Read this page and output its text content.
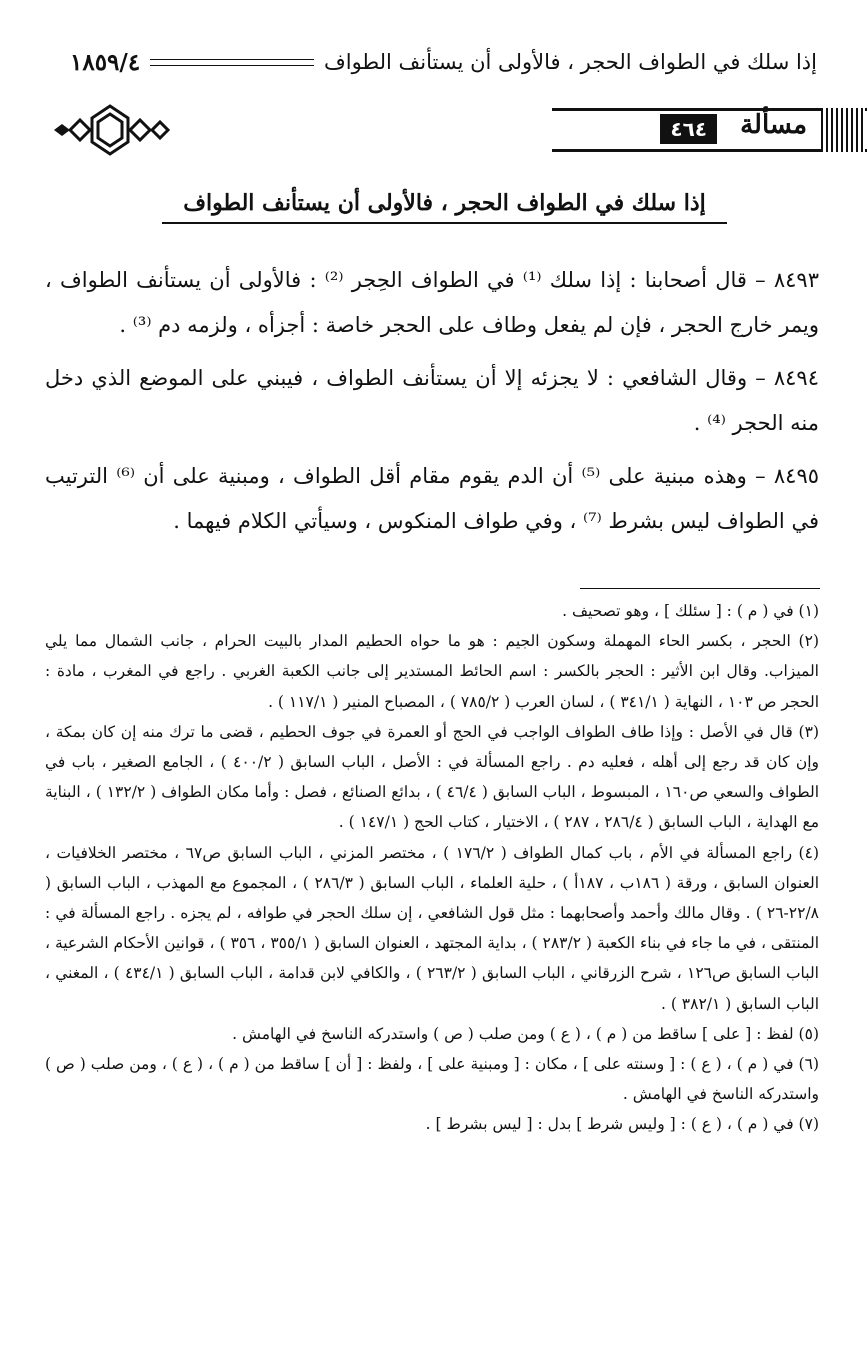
إذا سلك في الطواف الحجر ، فالأولى أن يستأنف الطواف
١٨٥٩/٤
مسألة
٤٦٤
إذا سلك في الطواف الحجر ، فالأولى أن يستأنف الطواف

٨٤٩٣ – قال أصحابنا : إذا سلك ⁽¹⁾ في الطواف الحِجر ⁽²⁾ : فالأولى أن يستأنف الطواف ، ويمر خارج الحجر ، فإن لم يفعل وطاف على الحجر خاصة : أجزأه ، ولزمه دم ⁽³⁾ .

٨٤٩٤ – وقال الشافعي : لا يجزئه إلا أن يستأنف الطواف ، فيبني على الموضع الذي دخل منه الحجر ⁽⁴⁾ .

٨٤٩٥ – وهذه مبنية على ⁽⁵⁾ أن الدم يقوم مقام أقل الطواف ، ومبنية على أن ⁽⁶⁾ الترتيب في الطواف ليس بشرط ⁽⁷⁾ ، وفي طواف المنكوس ، وسيأتي الكلام فيهما .

(١) في ( م ) : [ سئلك ] ، وهو تصحيف .

(٢) الحجر ، بكسر الحاء المهملة وسكون الجيم : هو ما حواه الحطيم المدار بالبيت الحرام ، جانب الشمال مما يلي الميزاب. وقال ابن الأثير : الحجر بالكسر : اسم الحائط المستدير إلى جانب الكعبة الغربي . راجع في المغرب ، مادة : الحجر ص ١٠٣ ، النهاية ( ٣٤١/١ ) ، لسان العرب ( ٧٨٥/٢ ) ، المصباح المنير ( ١١٧/١ ) .

(٣) قال في الأصل : وإذا طاف الطواف الواجب في الحج أو العمرة في جوف الحطيم ، قضى ما ترك منه إن كان بمكة ، وإن كان قد رجع إلى أهله ، فعليه دم . راجع المسألة في : الأصل ، الباب السابق ( ٤٠٠/٢ ) ، الجامع الصغير ، باب في الطواف والسعي ص١٦٠ ، المبسوط ، الباب السابق ( ٤٦/٤ ) ، بدائع الصنائع ، فصل : وأما مكان الطواف ( ١٣٢/٢ ) ، البناية مع الهداية ، الباب السابق ( ٢٨٦/٤ ، ٢٨٧ ) ، الاختيار ، كتاب الحج ( ١٤٧/١ ) .

(٤) راجع المسألة في الأم ، باب كمال الطواف ( ١٧٦/٢ ) ، مختصر المزني ، الباب السابق ص٦٧ ، مختصر الخلافيات ، العنوان السابق ، ورقة ( ١٨٦ب ، ١٨٧أ ) ، حلية العلماء ، الباب السابق ( ٢٨٦/٣ ) ، المجموع مع المهذب ، الباب السابق ( ٢٢/٨-٢٦ ) . وقال مالك وأحمد وأصحابهما : مثل قول الشافعي ، إن سلك الحجر في طوافه ، لم يجزه . راجع المسألة في : المنتقى ، في ما جاء في بناء الكعبة ( ٢٨٣/٢ ) ، بداية المجتهد ، العنوان السابق ( ٣٥٥/١ ، ٣٥٦ ) ، قوانين الأحكام الشرعية ، الباب السابق ص١٢٦ ، شرح الزرقاني ، الباب السابق ( ٢٦٣/٢ ) ، والكافي لابن قدامة ، الباب السابق ( ٤٣٤/١ ) ، المغني ، الباب السابق ( ٣٨٢/١ ) .

(٥) لفظ : [ على ] ساقط من ( م ) ، ( ع ) ومن صلب ( ص ) واستدركه الناسخ في الهامش .

(٦) في ( م ) ، ( ع ) : [ وسنته على ] ، مكان : [ ومبنية على ] ، ولفظ : [ أن ] ساقط من ( م ) ، ( ع ) ، ومن صلب ( ص ) واستدركه الناسخ في الهامش .

(٧) في ( م ) ، ( ع ) : [ وليس شرط ] بدل : [ ليس بشرط ] .
